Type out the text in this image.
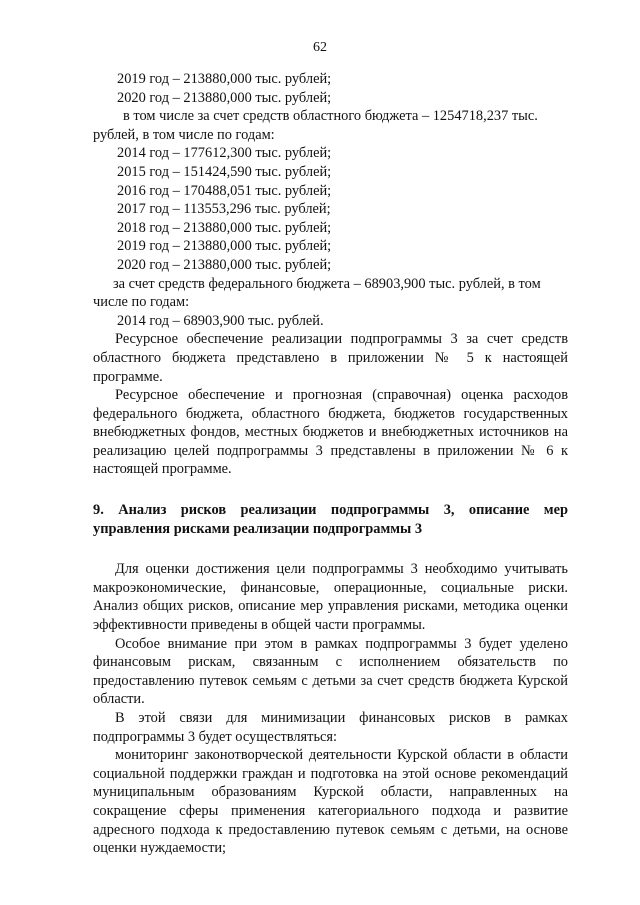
62
2019 год – 213880,000 тыс. рублей;
2020 год – 213880,000 тыс. рублей;
в том числе за счет средств областного бюджета – 1254718,237 тыс.
рублей, в том числе по годам:
2014 год – 177612,300 тыс. рублей;
2015 год – 151424,590 тыс. рублей;
2016 год – 170488,051 тыс. рублей;
2017 год – 113553,296 тыс. рублей;
2018 год – 213880,000 тыс. рублей;
2019 год – 213880,000 тыс. рублей;
2020 год – 213880,000 тыс. рублей;
за счет средств федерального бюджета – 68903,900 тыс. рублей, в том
числе по годам:
2014 год – 68903,900 тыс. рублей.

Ресурсное обеспечение реализации подпрограммы 3 за счет средств областного бюджета представлено в приложении № 5 к настоящей программе.

Ресурсное обеспечение и прогнозная (справочная) оценка расходов федерального бюджета, областного бюджета, бюджетов государственных внебюджетных фондов, местных бюджетов и внебюджетных источников на реализацию целей подпрограммы 3 представлены в приложении № 6 к настоящей программе.

9. Анализ рисков реализации подпрограммы 3, описание мер управления рисками реализации подпрограммы 3

Для оценки достижения цели подпрограммы 3 необходимо учитывать макроэкономические, финансовые, операционные, социальные риски. Анализ общих рисков, описание мер управления рисками, методика оценки эффективности приведены в общей части программы.

Особое внимание при этом в рамках подпрограммы 3 будет уделено финансовым рискам, связанным с исполнением обязательств по предоставлению путевок семьям с детьми за счет средств бюджета Курской области.

В этой связи для минимизации финансовых рисков в рамках подпрограммы 3 будет осуществляться:

мониторинг законотворческой деятельности Курской области в области социальной поддержки граждан и подготовка на этой основе рекомендаций муниципальным образованиям Курской области, направленных на сокращение сферы применения категориального подхода и развитие адресного подхода к предоставлению путевок семьям с детьми, на основе оценки нуждаемости;
